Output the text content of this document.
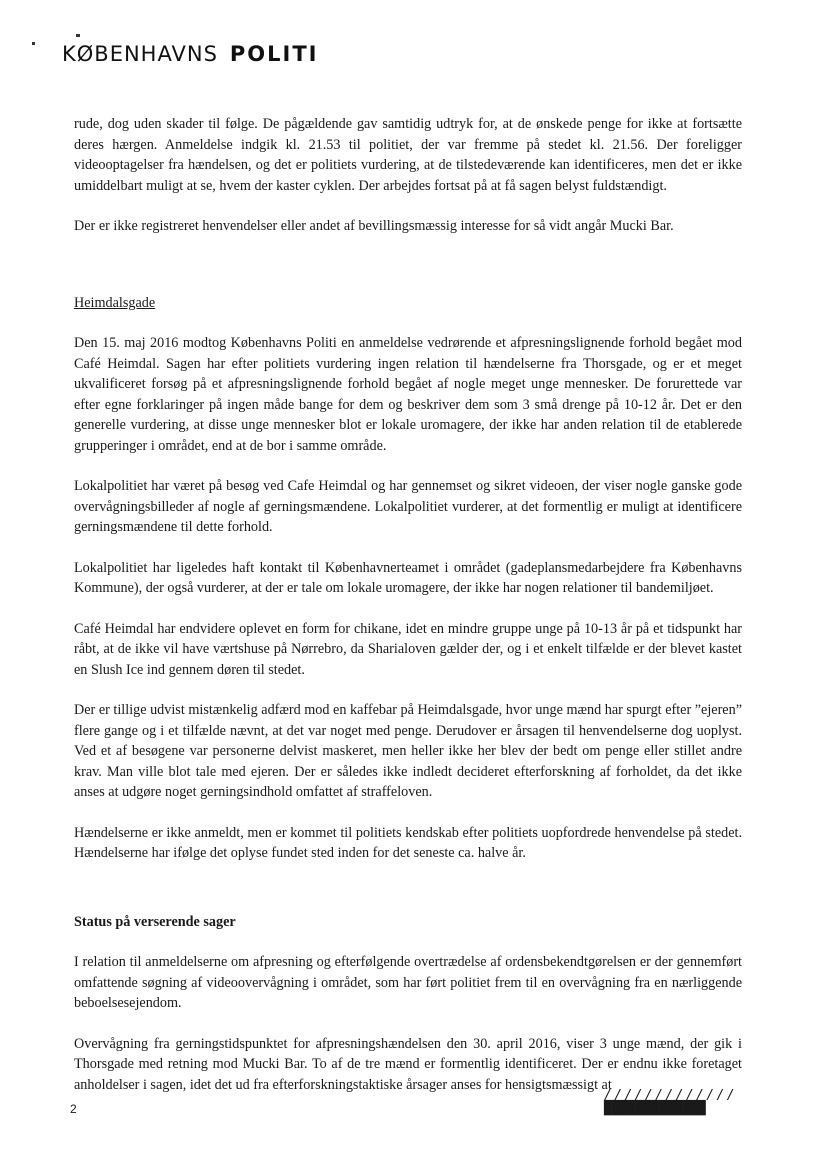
KØBENHAVNS POLITI

rude, dog uden skader til følge. De pågældende gav samtidig udtryk for, at de ønskede penge for ikke at fortsætte deres hærgen. Anmeldelse indgik kl. 21.53 til politiet, der var fremme på stedet kl. 21.56. Der foreligger videooptagelser fra hændelsen, og det er politiets vurdering, at de tilstedeværende kan identificeres, men det er ikke umiddelbart muligt at se, hvem der kaster cyklen. Der arbejdes fortsat på at få sagen belyst fuldstændigt.

Der er ikke registreret henvendelser eller andet af bevillingsmæssig interesse for så vidt angår Mucki Bar.

Heimdalsgade

Den 15. maj 2016 modtog Københavns Politi en anmeldelse vedrørende et afpresningslignende forhold begået mod Café Heimdal. Sagen har efter politiets vurdering ingen relation til hændelserne fra Thorsgade, og er et meget ukvalificeret forsøg på et afpresningslignende forhold begået af nogle meget unge mennesker. De forurettede var efter egne forklaringer på ingen måde bange for dem og beskriver dem som 3 små drenge på 10-12 år. Det er den generelle vurdering, at disse unge mennesker blot er lokale uromagere, der ikke har anden relation til de etablerede grupperinger i området, end at de bor i samme område.

Lokalpolitiet har været på besøg ved Cafe Heimdal og har gennemset og sikret videoen, der viser nogle ganske gode overvågningsbilleder af nogle af gerningsmændene. Lokalpolitiet vurderer, at det formentlig er muligt at identificere gerningsmændene til dette forhold.

Lokalpolitiet har ligeledes haft kontakt til Københavnerteamet i området (gadeplansmedarbejdere fra Københavns Kommune), der også vurderer, at der er tale om lokale uromagere, der ikke har nogen relationer til bandemiljøet.

Café Heimdal har endvidere oplevet en form for chikane, idet en mindre gruppe unge på 10-13 år på et tidspunkt har råbt, at de ikke vil have værtshuse på Nørrebro, da Sharialoven gælder der, og i et enkelt tilfælde er der blevet kastet en Slush Ice ind gennem døren til stedet.

Der er tillige udvist mistænkelig adfærd mod en kaffebar på Heimdalsgade, hvor unge mænd har spurgt efter ”ejeren” flere gange og i et tilfælde nævnt, at det var noget med penge. Derudover er årsagen til henvendelserne dog uoplyst. Ved et af besøgene var personerne delvist maskeret, men heller ikke her blev der bedt om penge eller stillet andre krav. Man ville blot tale med ejeren. Der er således ikke indledt decideret efterforskning af forholdet, da det ikke anses at udgøre noget gerningsindhold omfattet af straffeloven.

Hændelserne er ikke anmeldt, men er kommet til politiets kendskab efter politiets uopfordrede henvendelse på stedet. Hændelserne har ifølge det oplyse fundet sted inden for det seneste ca. halve år.

Status på verserende sager

I relation til anmeldelserne om afpresning og efterfølgende overtrædelse af ordensbekendtgørelsen er der gennemført omfattende søgning af videoovervågning i området, som har ført politiet frem til en overvågning fra en nærliggende beboelsesejendom.

Overvågning fra gerningstidspunktet for afpresningshændelsen den 30. april 2016, viser 3 unge mænd, der gik i Thorsgade med retning mod Mucki Bar. To af de tre mænd er formentlig identificeret. Der er endnu ikke foretaget anholdelser i sagen, idet det ud fra efterforskningstaktiske årsager anses for hensigtsmæssigt at

2
/////////////
█████████████
